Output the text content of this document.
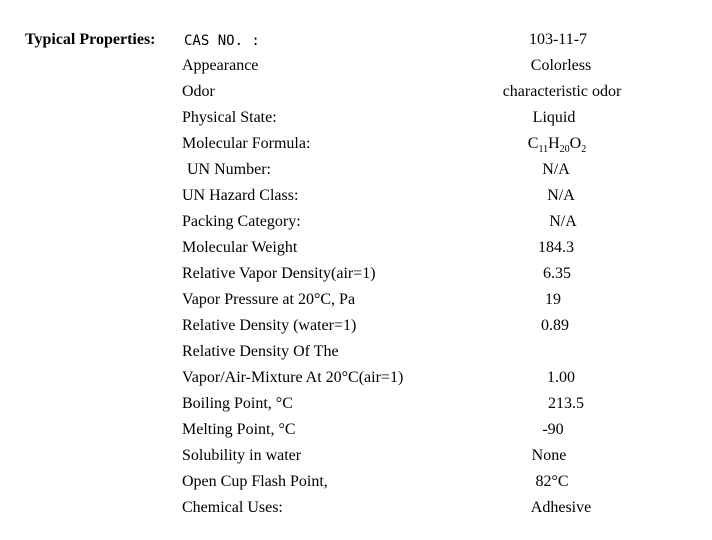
Typical Properties: CAS NO. :	103-11-7
Appearance	Colorless
Odor	characteristic odor
Physical State:	Liquid
Molecular Formula:	$C_{11}H_{20}O_2$
UN Number:	N/A
UN Hazard Class:	N/A
Packing Category:	N/A
Molecular Weight	184.3
Relative Vapor Density(air=1)	6.35
Vapor Pressure at 20°C, Pa	19
Relative Density (water=1)	0.89
Relative Density Of The
Vapor/Air-Mixture At 20°C(air=1)	1.00
Boiling Point, °C	213.5
Melting Point, °C	-90
Solubility in water	None
Open Cup Flash Point,	82°C
Chemical Uses:	Adhesive
